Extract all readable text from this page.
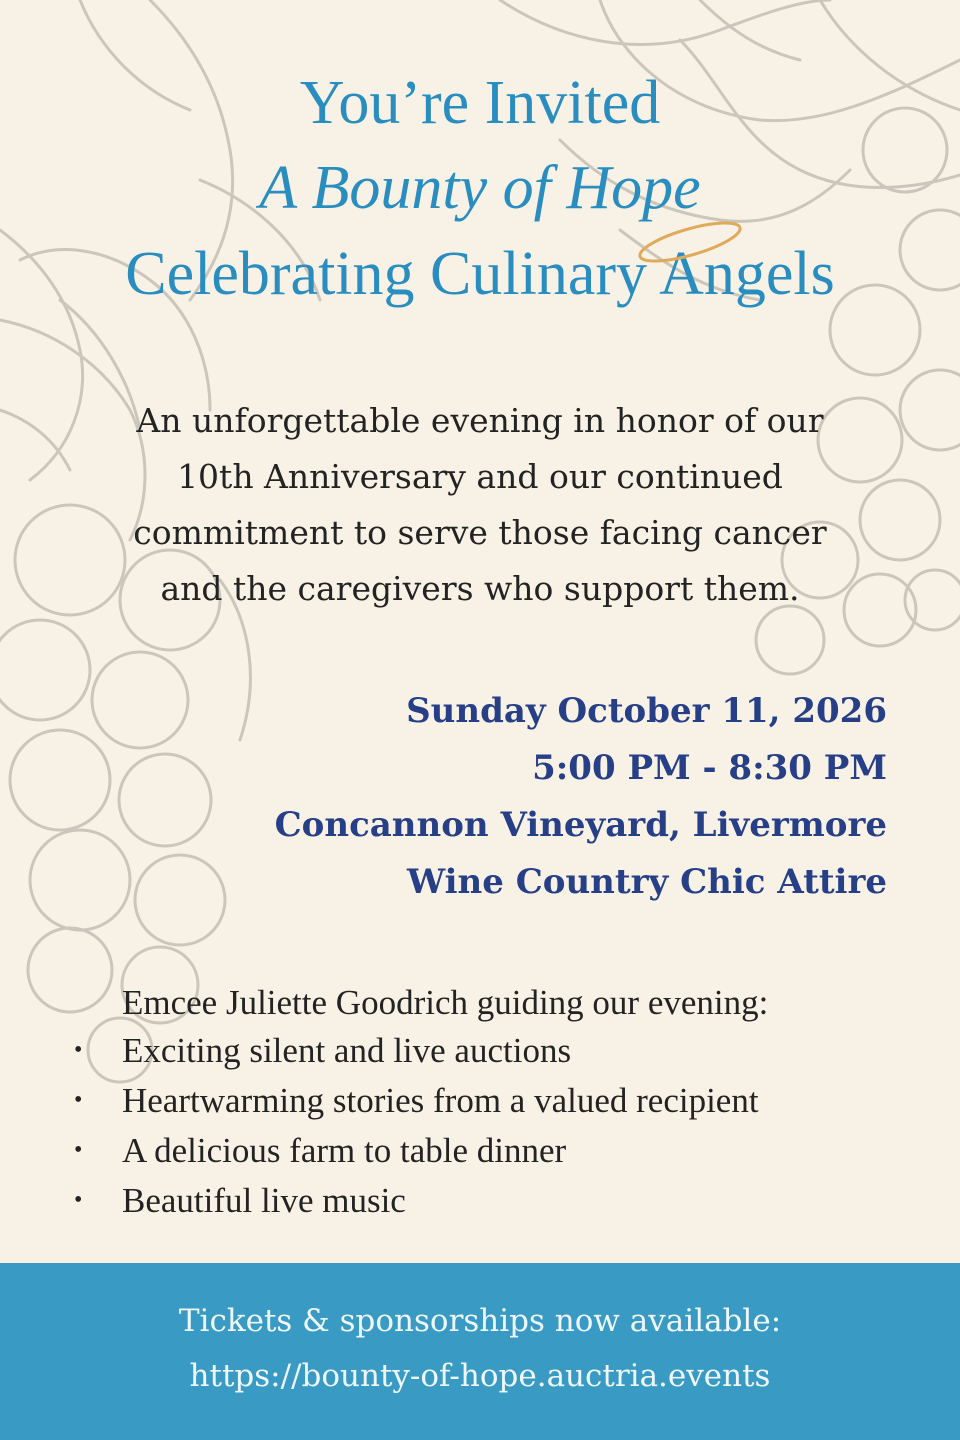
You’re Invited
A Bounty of Hope
Celebrating Culinary Angels
An unforgettable evening in honor of our
10th Anniversary and our continued
commitment to serve those facing cancer
and the caregivers who support them.
Sunday October 11, 2026
5:00 PM - 8:30 PM
Concannon Vineyard, Livermore
Wine Country Chic Attire
Emcee Juliette Goodrich guiding our evening:
• Exciting silent and live auctions
• Heartwarming stories from a valued recipient
• A delicious farm to table dinner
• Beautiful live music
Tickets & sponsorships now available:
https://bounty-of-hope.auctria.events
